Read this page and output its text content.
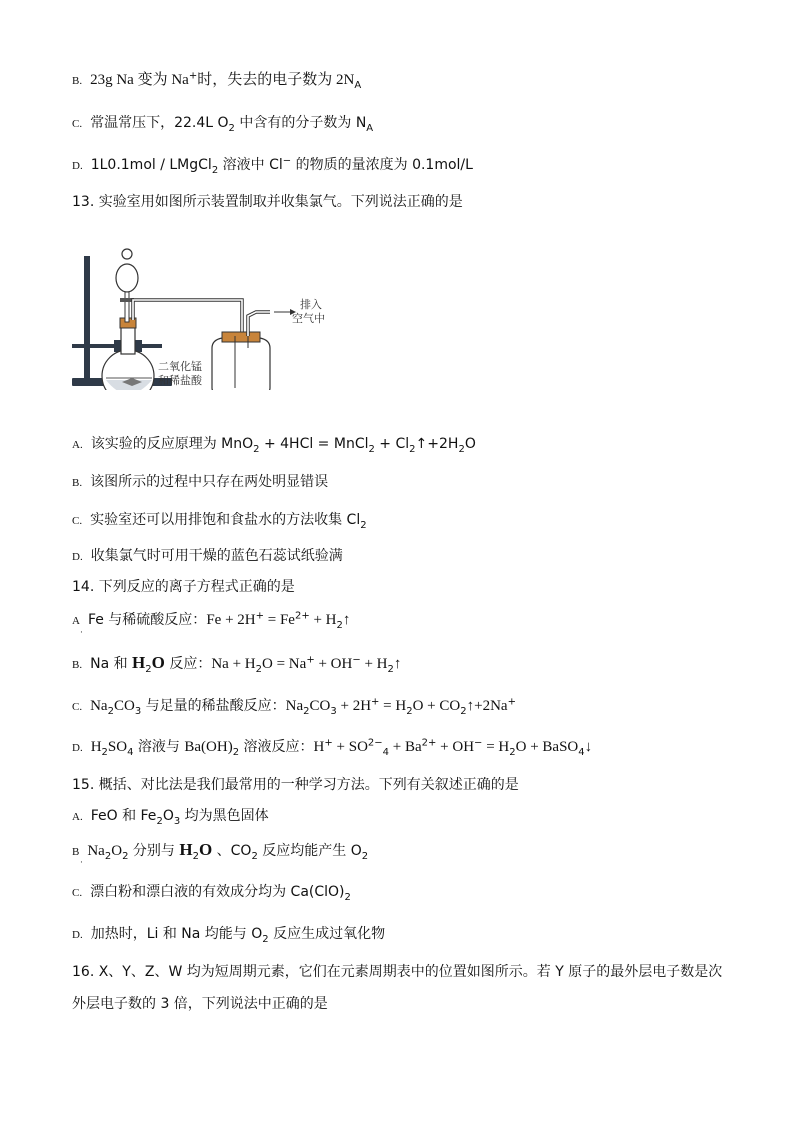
B. 23g Na 变为 Na+时，失去的电子数为 $2N_A$
C. 常温常压下，22.4L $O_2$ 中含有的分子数为 $N_A$
D. 1L0.1mol / LMgCl$_2$ 溶液中 Cl− 的物质的量浓度为 0.1mol/L
13. 实验室用如图所示装置制取并收集氯气。下列说法正确的是
排入
空气中
二氧化锰
和稀盐酸
A. 该实验的反应原理为 MnO$_2$ + 4HCl = MnCl$_2$ + $Cl_2↑+2H_2O$
B. 该图所示的过程中只存在两处明显错误
C. 实验室还可以用排饱和食盐水的方法收集 $Cl_2$
D. 收集氯气时可用干燥的蓝色石蕊试纸验满
14. 下列反应的离子方程式正确的是
A Fe 与稀硫酸反应：$Fe + 2H^+ = Fe^{2+}$ + $H_2↑$
·
B. Na 和 $H_2O$ 反应：$Na + H_2O = Na^+ + OH^-$ + $H_2↑$
C. $Na_2CO_3$ 与足量的稀盐酸反应：$Na_2CO_3 + 2H^+ = H_2O$ + $CO_2↑+2Na^+$
D. $H_2SO_4$ 溶液与 $Ba(OH)_2$ 溶液反应：$H^+ + SO^{2-}_4 + Ba^{2+} + OH^- = H_2O$ + BaSO$_4$↓
15. 概括、对比法是我们最常用的一种学习方法。下列有关叙述正确的是
A. FeO 和 $Fe_2O_3$ 均为黑色固体
B $Na_2O_2$ 分别与 $H_2O$ 、$CO_2$ 反应均能产生 $O_2$
·
C. 漂白粉和漂白液的有效成分均为 $Ca(ClO)_2$
D. 加热时，Li 和 Na 均能与 $O_2$ 反应生成过氧化物
16. X、Y、Z、W 均为短周期元素，它们在元素周期表中的位置如图所示。若 Y 原子的最外层电子数是次
外层电子数的 3 倍，下列说法中正确的是
